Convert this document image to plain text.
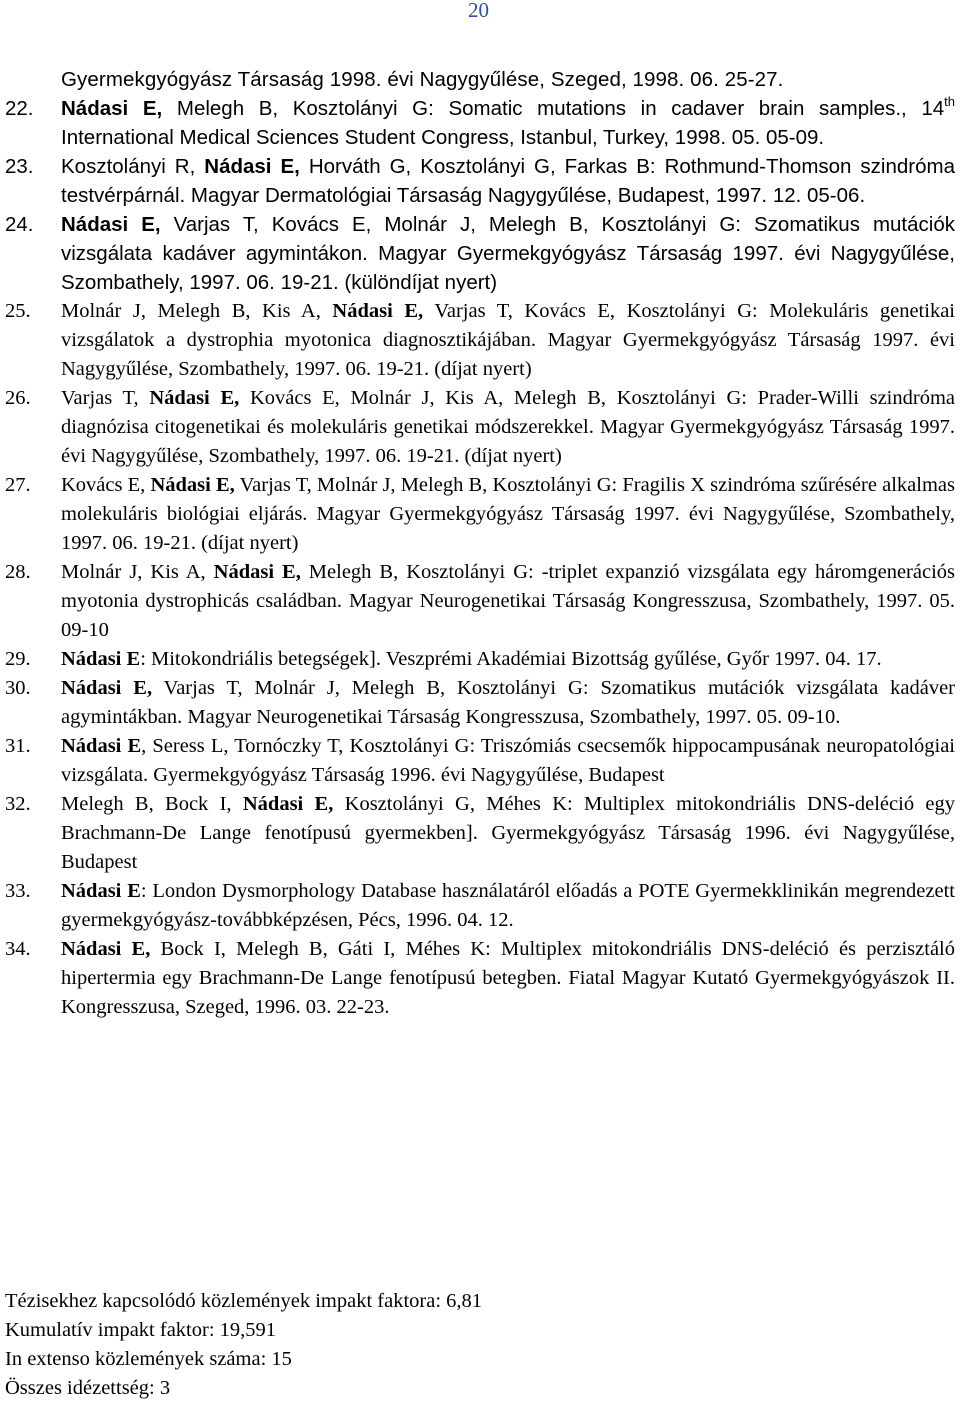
20
Gyermekgyógyász Társaság 1998. évi Nagygyűlése, Szeged, 1998. 06. 25-27.
22.	Nádasi E, Melegh B, Kosztolányi G: Somatic mutations in cadaver brain samples., 14th International Medical Sciences Student Congress, Istanbul, Turkey, 1998. 05. 05-09.
23.	Kosztolányi R, Nádasi E, Horváth G, Kosztolányi G, Farkas B: Rothmund-Thomson szindróma testvérpárnál. Magyar Dermatológiai Társaság Nagygyűlése, Budapest, 1997. 12. 05-06.
24.	Nádasi E, Varjas T, Kovács E, Molnár J, Melegh B, Kosztolányi G: Szomatikus mutációk vizsgálata kadáver agymintákon. Magyar Gyermekgyógyász Társaság 1997. évi Nagygyűlése, Szombathely, 1997. 06. 19-21. (különdíjat nyert)
25.	Molnár J, Melegh B, Kis A, Nádasi E, Varjas T, Kovács E, Kosztolányi G: Molekuláris genetikai vizsgálatok a dystrophia myotonica diagnosztikájában. Magyar Gyermekgyógyász Társaság 1997. évi Nagygyűlése, Szombathely, 1997. 06. 19-21. (díjat nyert)
26.	Varjas T, Nádasi E, Kovács E, Molnár J, Kis A, Melegh B, Kosztolányi G: Prader-Willi szindróma diagnózisa citogenetikai és molekuláris genetikai módszerekkel. Magyar Gyermekgyógyász Társaság 1997. évi Nagygyűlése, Szombathely, 1997. 06. 19-21. (díjat nyert)
27.	Kovács E, Nádasi E, Varjas T, Molnár J, Melegh B, Kosztolányi G: Fragilis X szindróma szűrésére alkalmas molekuláris biológiai eljárás. Magyar Gyermekgyógyász Társaság 1997. évi Nagygyűlése, Szombathely, 1997. 06. 19-21. (díjat nyert)
28.	Molnár J, Kis A, Nádasi E, Melegh B, Kosztolányi G: -triplet expanzió vizsgálata egy háromgenerációs myotonia dystrophicás családban. Magyar Neurogenetikai Társaság Kongresszusa, Szombathely, 1997. 05. 09-10
29.	Nádasi E: Mitokondriális betegségek]. Veszprémi Akadémiai Bizottság gyűlése, Győr 1997. 04. 17.
30.	Nádasi E, Varjas T, Molnár J, Melegh B, Kosztolányi G: Szomatikus mutációk vizsgálata kadáver agymintákban. Magyar Neurogenetikai Társaság Kongresszusa, Szombathely, 1997. 05. 09-10.
31.	Nádasi E, Seress L, Tornóczky T, Kosztolányi G: Triszómiás csecsemők hippocampusának neuropatológiai vizsgálata. Gyermekgyógyász Társaság 1996. évi Nagygyűlése, Budapest
32.	Melegh B, Bock I, Nádasi E, Kosztolányi G, Méhes K: Multiplex mitokondriális DNS-deléció egy Brachmann-De Lange fenotípusú gyermekben]. Gyermekgyógyász Társaság 1996. évi Nagygyűlése, Budapest
33.	Nádasi E: London Dysmorphology Database használatáról előadás a POTE Gyermekklinikán megrendezett gyermekgyógyász-továbbképzésen, Pécs, 1996. 04. 12.
34.	Nádasi E, Bock I, Melegh B, Gáti I, Méhes K: Multiplex mitokondriális DNS-deléció és perzisztáló hipertermia egy Brachmann-De Lange fenotípusú betegben. Fiatal Magyar Kutató Gyermekgyógyászok II. Kongresszusa, Szeged, 1996. 03. 22-23.
Tézisekhez kapcsolódó közlemények impakt faktora: 6,81
Kumulatív impakt faktor: 19,591
In extenso közlemények száma: 15
Összes idézettség: 3
